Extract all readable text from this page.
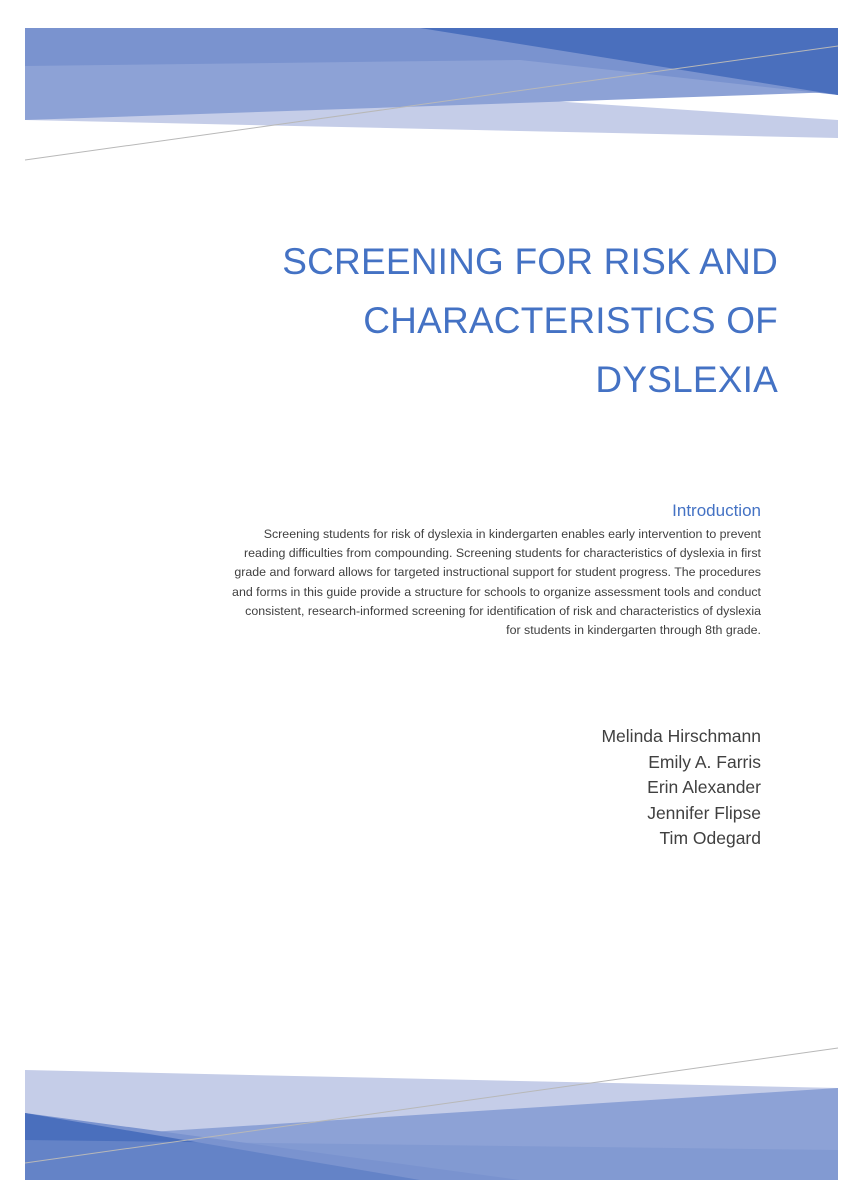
SCREENING FOR RISK AND
CHARACTERISTICS OF
DYSLEXIA
Introduction

Screening students for risk of dyslexia in kindergarten enables early intervention to prevent
reading difficulties from compounding. Screening students for characteristics of dyslexia in first
grade and forward allows for targeted instructional support for student progress. The procedures
and forms in this guide provide a structure for schools to organize assessment tools and conduct
consistent, research-informed screening for identification of risk and characteristics of dyslexia
for students in kindergarten through 8th grade.

Melinda Hirschmann
Emily A. Farris
Erin Alexander
Jennifer Flipse
Tim Odegard
